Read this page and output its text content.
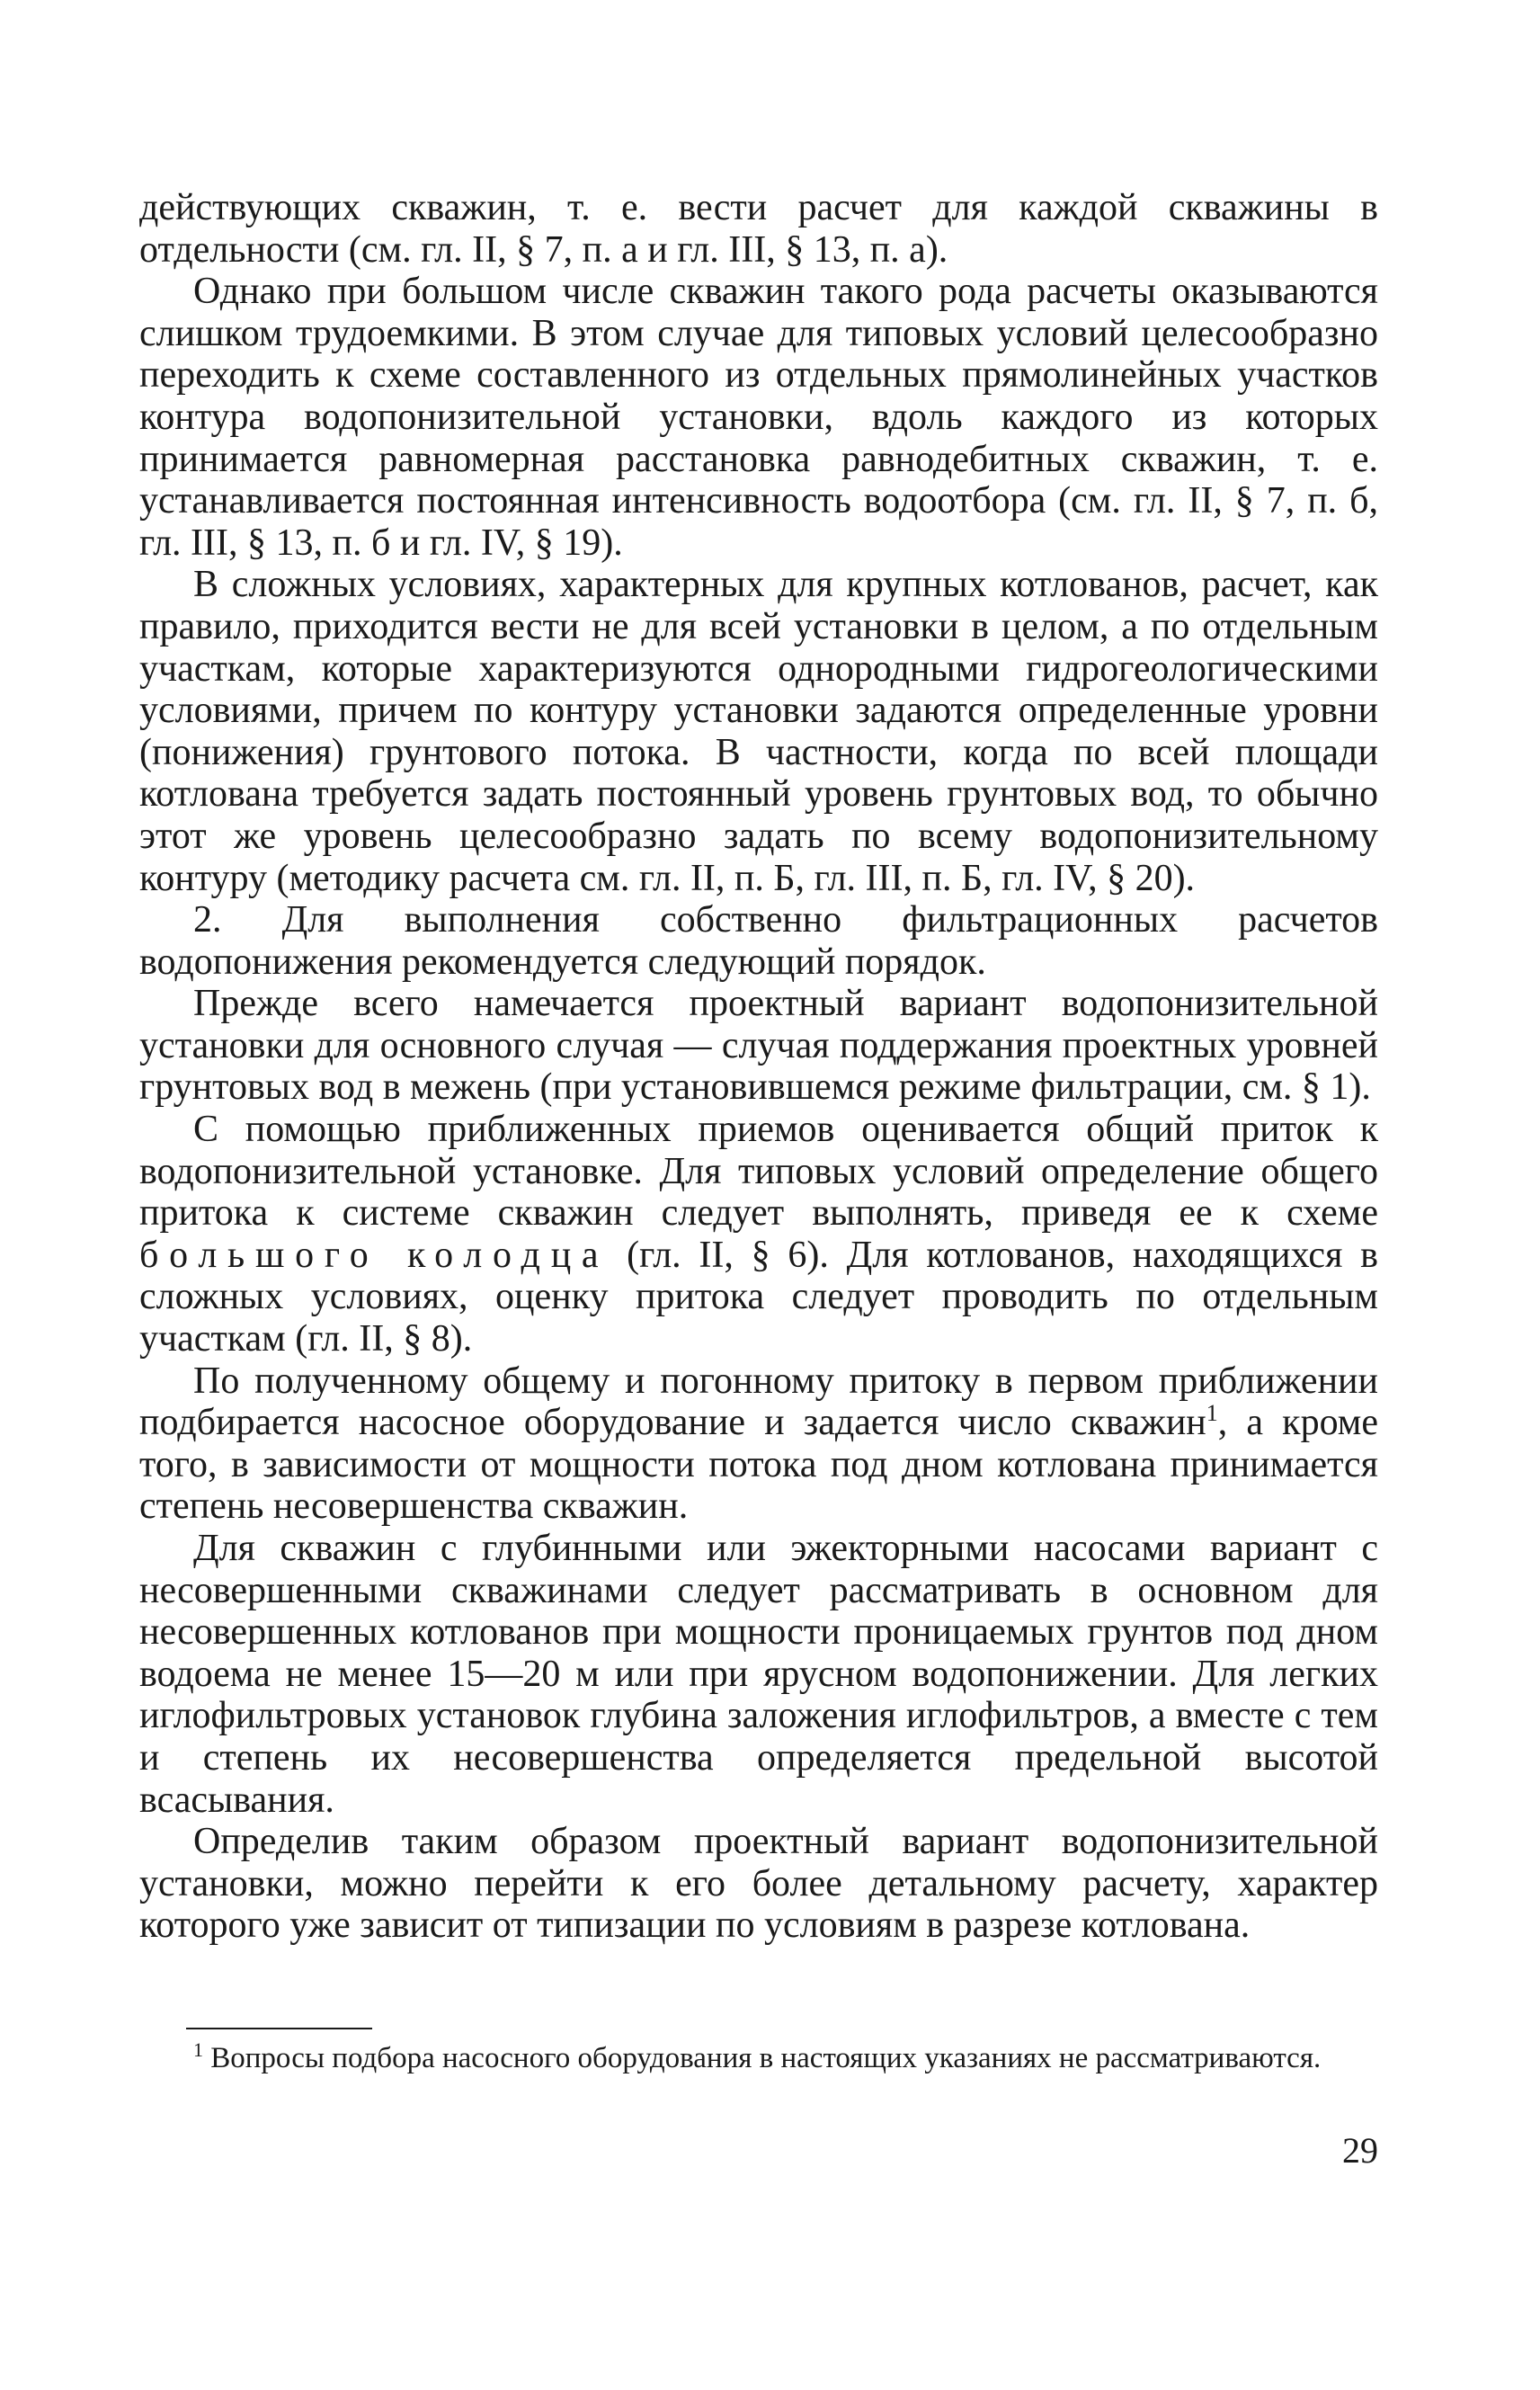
действующих скважин, т. е. вести расчет для каждой скважины в отдельности (см. гл. II, § 7, п. а и гл. III, § 13, п. а).

Однако при большом числе скважин такого рода расчеты оказываются слишком трудоемкими. В этом случае для типовых условий целесообразно переходить к схеме составленного из отдельных прямолинейных участков контура водопонизительной установки, вдоль каждого из которых принимается равномерная расстановка равнодебитных скважин, т. е. устанавливается постоянная интенсивность водоотбора (см. гл. II, § 7, п. б, гл. III, § 13, п. б и гл. IV, § 19).

В сложных условиях, характерных для крупных котлованов, расчет, как правило, приходится вести не для всей установки в целом, а по отдельным участкам, которые характеризуются однородными гидрогеологическими условиями, причем по контуру установки задаются определенные уровни (понижения) грунтового потока. В частности, когда по всей площади котлована требуется задать постоянный уровень грунтовых вод, то обычно этот же уровень целесообразно задать по всему водопонизительному контуру (методику расчета см. гл. II, п. Б, гл. III, п. Б, гл. IV, § 20).

2. Для выполнения собственно фильтрационных расчетов водопонижения рекомендуется следующий порядок.

Прежде всего намечается проектный вариант водопонизительной установки для основного случая — случая поддержания проектных уровней грунтовых вод в межень (при установившемся режиме фильтрации, см. § 1).

С помощью приближенных приемов оценивается общий приток к водопонизительной установке. Для типовых условий определение общего притока к системе скважин следует выполнять, приведя ее к схеме большого колодца (гл. II, § 6). Для котлованов, находящихся в сложных условиях, оценку притока следует проводить по отдельным участкам (гл. II, § 8).

По полученному общему и погонному притоку в первом приближении подбирается насосное оборудование и задается число скважин$^1$, а кроме того, в зависимости от мощности потока под дном котлована принимается степень несовершенства скважин.

Для скважин с глубинными или эжекторными насосами вариант с несовершенными скважинами следует рассматривать в основном для несовершенных котлованов при мощности проницаемых грунтов под дном водоема не менее 15—20 м или при ярусном водопонижении. Для легких иглофильтровых установок глубина заложения иглофильтров, а вместе с тем и степень их несовершенства определяется предельной высотой всасывания.

Определив таким образом проектный вариант водопонизительной установки, можно перейти к его более детальному расчету, характер которого уже зависит от типизации по условиям в разрезе котлована.

$^1$ Вопросы подбора насосного оборудования в настоящих указаниях не рассматриваются.

29
